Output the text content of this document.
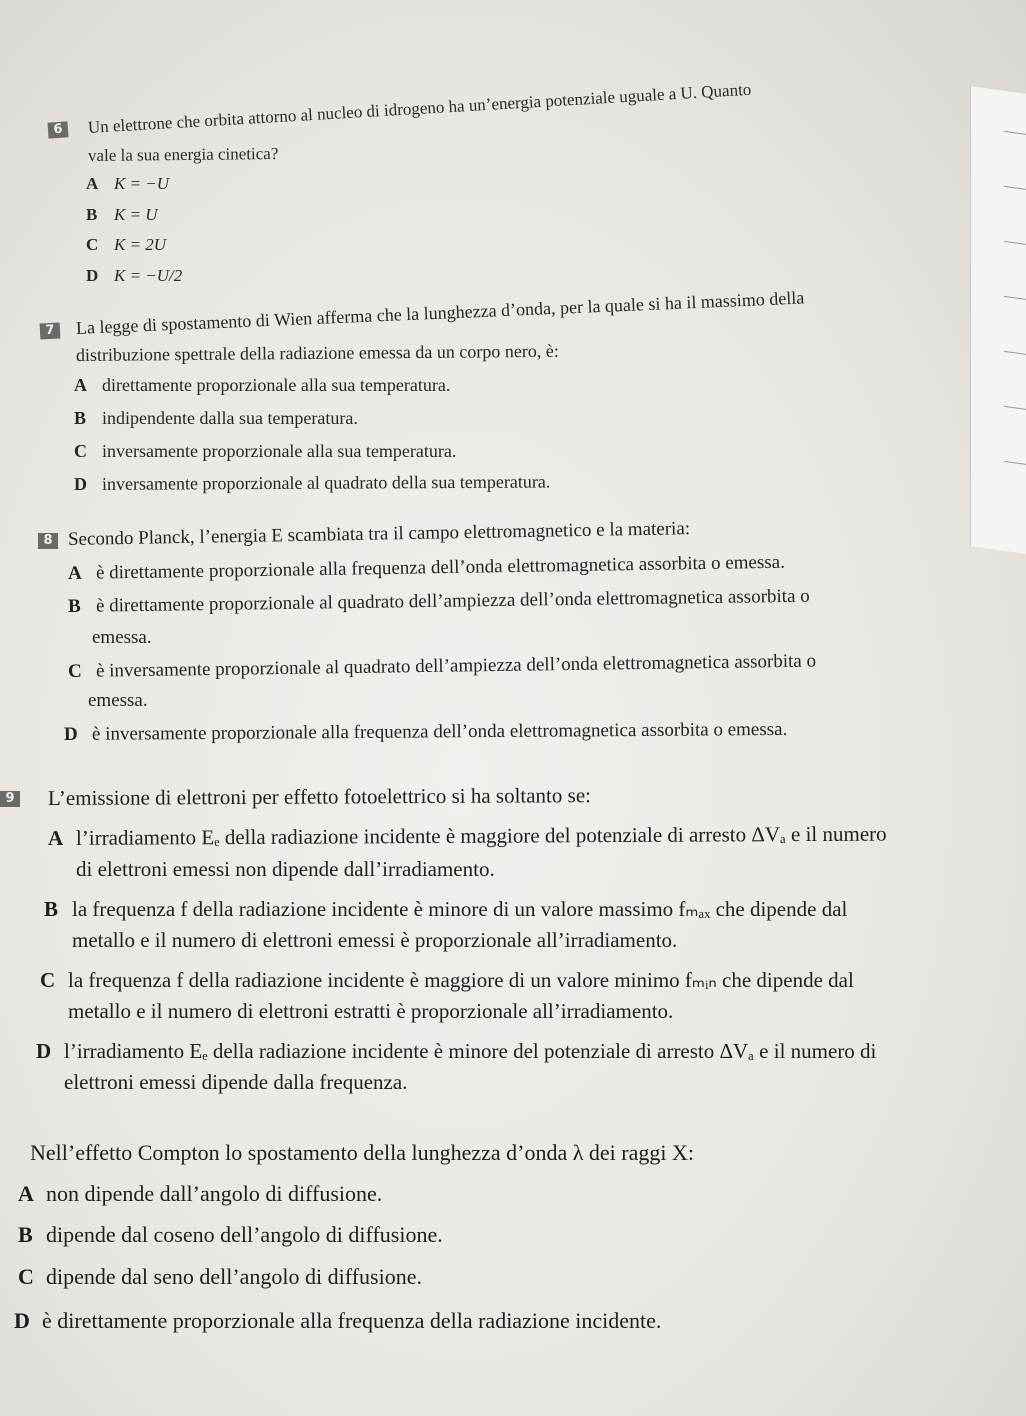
6	Un elettrone che orbita attorno al nucleo di idrogeno ha un’energia potenziale uguale a U. Quanto
vale la sua energia cinetica?
A K = −U
B K = U
C K = 2U
D K = −U/2
7	La legge di spostamento di Wien afferma che la lunghezza d’onda, per la quale si ha il massimo della
distribuzione spettrale della radiazione emessa da un corpo nero, è:
A direttamente proporzionale alla sua temperatura.
B indipendente dalla sua temperatura.
C inversamente proporzionale alla sua temperatura.
D inversamente proporzionale al quadrato della sua temperatura.
8 Secondo Planck, l’energia E scambiata tra il campo elettromagnetico e la materia:
A è direttamente proporzionale alla frequenza dell’onda elettromagnetica assorbita o emessa.
B è direttamente proporzionale al quadrato dell’ampiezza dell’onda elettromagnetica assorbita o
emessa.
C è inversamente proporzionale al quadrato dell’ampiezza dell’onda elettromagnetica assorbita o
emessa.
D è inversamente proporzionale alla frequenza dell’onda elettromagnetica assorbita o emessa.
9 L’emissione di elettroni per effetto fotoelettrico si ha soltanto se:
A l’irradiamento Eₑ della radiazione incidente è maggiore del potenziale di arresto ΔVₐ e il numero
di elettroni emessi non dipende dall’irradiamento.
B la frequenza f della radiazione incidente è minore di un valore massimo fₘₐₓ che dipende dal
metallo e il numero di elettroni emessi è proporzionale all’irradiamento.
C la frequenza f della radiazione incidente è maggiore di un valore minimo fₘᵢₙ che dipende dal
metallo e il numero di elettroni estratti è proporzionale all’irradiamento.
D l’irradiamento Eₑ della radiazione incidente è minore del potenziale di arresto ΔVₐ e il numero di
elettroni emessi dipende dalla frequenza.
Nell’effetto Compton lo spostamento della lunghezza d’onda λ dei raggi X:
A non dipende dall’angolo di diffusione.
B dipende dal coseno dell’angolo di diffusione.
C dipende dal seno dell’angolo di diffusione.
D è direttamente proporzionale alla frequenza della radiazione incidente.
